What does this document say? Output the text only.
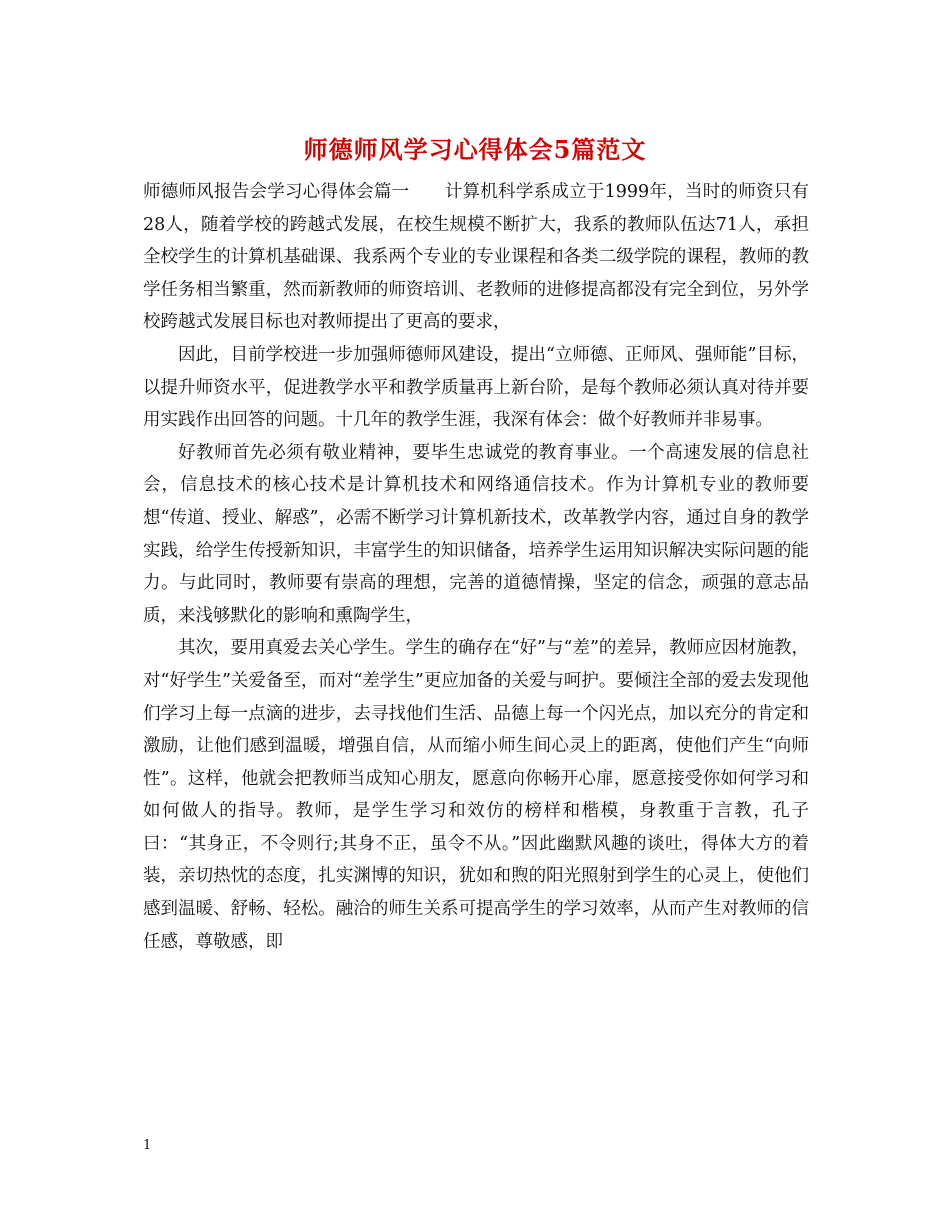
师德师风学习心得体会5篇范文

师德师风报告会学习心得体会篇一　　计算机科学系成立于1999年，当时的师资只有28人，随着学校的跨越式发展，在校生规模不断扩大，我系的教师队伍达71人，承担全校学生的计算机基础课、我系两个专业的专业课程和各类二级学院的课程，教师的教学任务相当繁重，然而新教师的师资培训、老教师的进修提高都没有完全到位，另外学校跨越式发展目标也对教师提出了更高的要求，

因此，目前学校进一步加强师德师风建设，提出“立师德、正师风、强师能”目标，以提升师资水平，促进教学水平和教学质量再上新台阶，是每个教师必须认真对待并要用实践作出回答的问题。十几年的教学生涯，我深有体会：做个好教师并非易事。

好教师首先必须有敬业精神，要毕生忠诚党的教育事业。一个高速发展的信息社会，信息技术的核心技术是计算机技术和网络通信技术。作为计算机专业的教师要想“传道、授业、解惑”，必需不断学习计算机新技术，改革教学内容，通过自身的教学实践，给学生传授新知识，丰富学生的知识储备，培养学生运用知识解决实际问题的能力。与此同时，教师要有崇高的理想，完善的道德情操，坚定的信念，顽强的意志品质，来浅够默化的影响和熏陶学生，

其次，要用真爱去关心学生。学生的确存在“好”与“差”的差异，教师应因材施教，对“好学生”关爱备至，而对“差学生”更应加备的关爱与呵护。要倾注全部的爱去发现他们学习上每一点滴的进步，去寻找他们生活、品德上每一个闪光点，加以充分的肯定和激励，让他们感到温暖，增强自信，从而缩小师生间心灵上的距离，使他们产生“向师性”。这样，他就会把教师当成知心朋友，愿意向你畅开心扉，愿意接受你如何学习和如何做人的指导。教师，是学生学习和效仿的榜样和楷模，身教重于言教，孔子曰：“其身正，不令则行;其身不正，虽令不从。”因此幽默风趣的谈吐，得体大方的着装，亲切热忱的态度，扎实渊博的知识，犹如和煦的阳光照射到学生的心灵上，使他们感到温暖、舒畅、轻松。融洽的师生关系可提高学生的学习效率，从而产生对教师的信任感，尊敬感，即

1
